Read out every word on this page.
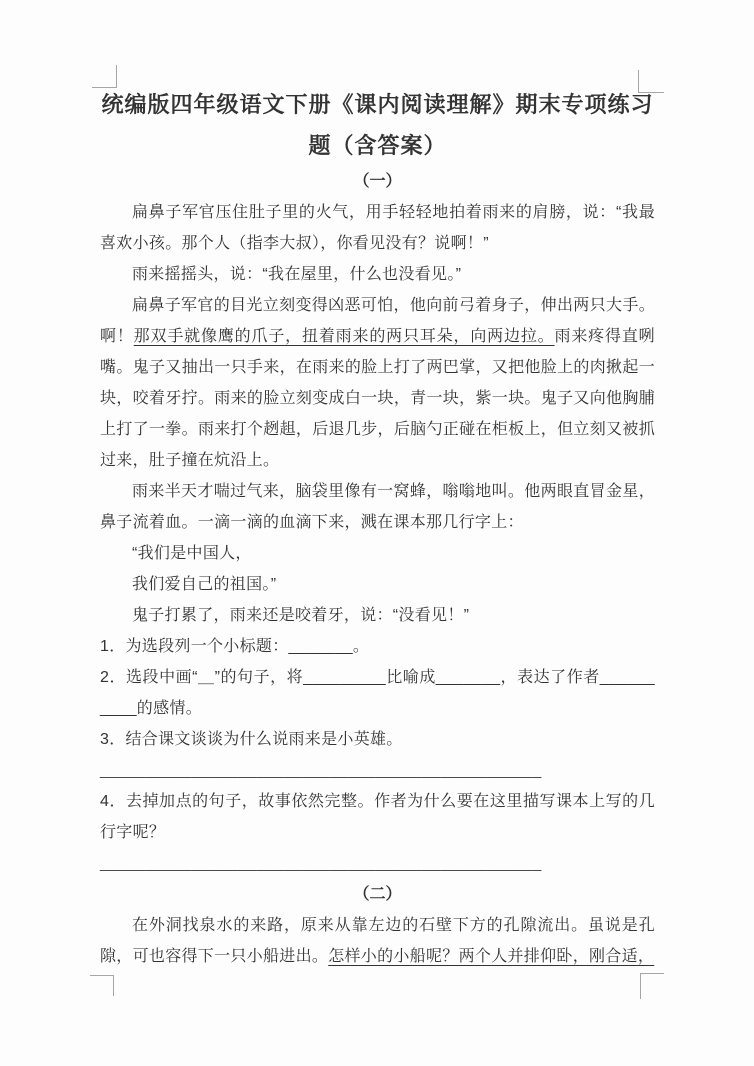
统编版四年级语文下册《课内阅读理解》期末专项练习题（含答案）
（一）

扁鼻子军官压住肚子里的火气，用手轻轻地拍着雨来的肩膀，说：“我最喜欢小孩。那个人（指李大叔），你看见没有？说啊！”

雨来摇摇头，说：“我在屋里，什么也没看见。”

扁鼻子军官的目光立刻变得凶恶可怕，他向前弓着身子，伸出两只大手。啊！那双手就像鹰的爪子，扭着雨来的两只耳朵，向两边拉。雨来疼得直咧嘴。鬼子又抽出一只手来，在雨来的脸上打了两巴掌，又把他脸上的肉揪起一块，咬着牙拧。雨来的脸立刻变成白一块，青一块，紫一块。鬼子又向他胸脯上打了一拳。雨来打个趔趄，后退几步，后脑勺正碰在柜板上，但立刻又被抓过来，肚子撞在炕沿上。

雨来半天才喘过气来，脑袋里像有一窝蜂，嗡嗡地叫。他两眼直冒金星，鼻子流着血。一滴一滴的血滴下来，溅在课本那几行字上：

“我们是中国人，

我们爱自己的祖国。”

鬼子打累了，雨来还是咬着牙，说：“没看见！”

1．为选段列一个小标题：_______。

2．选段中画“＿”的句子，将_________比喻成_______，表达了作者__________的感情。

3．结合课文谈谈为什么说雨来是小英雄。

________________________________________________

4．去掉加点的句子，故事依然完整。作者为什么要在这里描写课本上写的几行字呢？

________________________________________________

（二）

在外洞找泉水的来路，原来从靠左边的石壁下方的孔隙流出。虽说是孔隙，可也容得下一只小船进出。怎样小的小船呢？两个人并排仰卧，刚合适，
